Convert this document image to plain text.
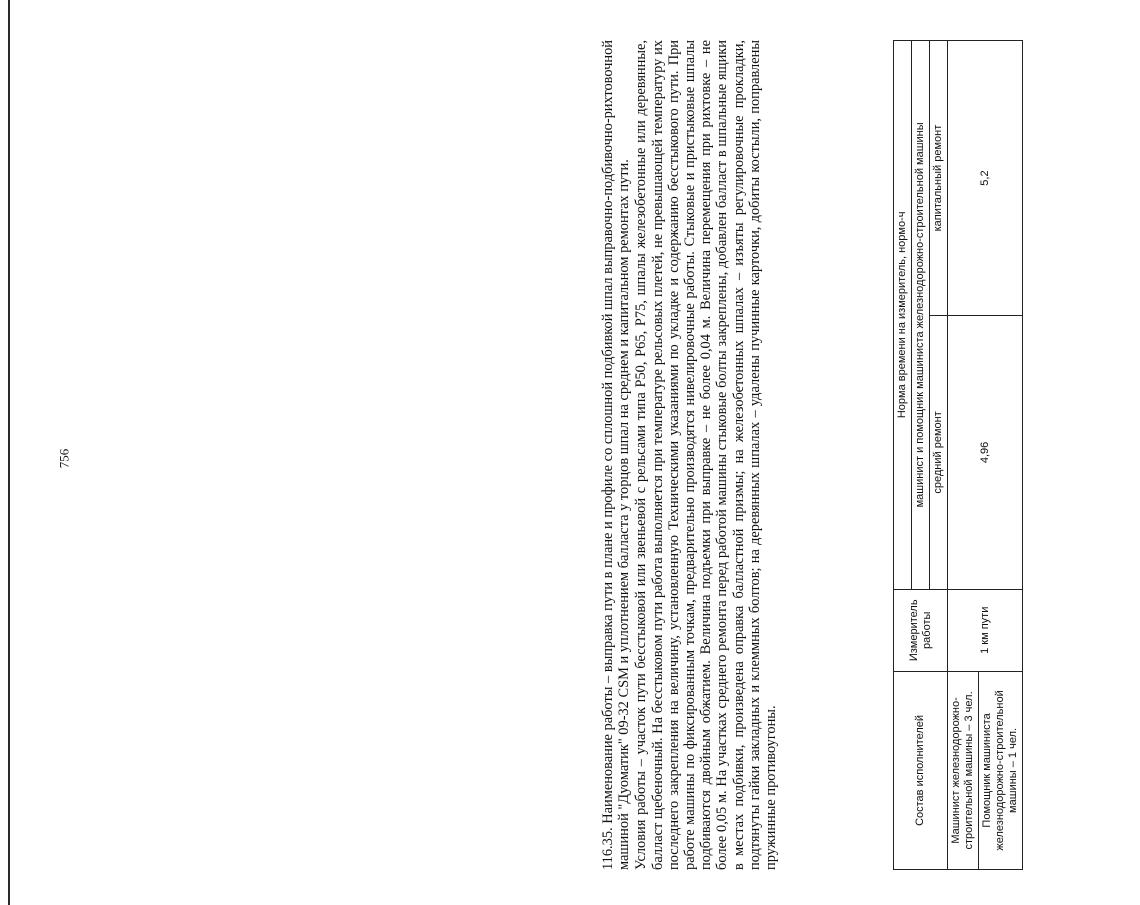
756	116.35. Наименование работы – выправка пути в плане и профиле со сплошной подбивкой шпал выправочно-подбивочно-рихтовочной машиной "Дуоматик" 09-32 CSM и уплотнением балласта у торцов шпал на среднем и капитальном ремонтах пути. Условия работы – участок пути бесстыковой или звеньевой с рельсами типа Р50, Р65, Р75, шпалы железобетонные или деревянные, балласт щебеночный. На бесстыковом пути работа выполняется при температуре рельсовых плетей, не превышающей температуру их последнего закрепления на величину, установленную Техническими указаниями по укладке и содержанию бесстыкового пути. При работе машины по фиксированным точкам, предварительно производятся нивелировочные работы. Стыковые и пристыковые шпалы подбиваются двойным обжатием. Величина подъемки при выправке – не более 0,04 м. Величина перемещения при рихтовке – не более 0,05 м. На участках среднего ремонта перед работой машины стыковые болты закреплены, добавлен балласт в шпальные ящики в местах подбивки, произведена оправка балластной призмы; на железобетонных шпалах – изъяты регулировочные прокладки, подтянуты гайки закладных и клеммных болтов; на деревянных шпалах – удалены пучинные карточки, добиты костыли, поправлены пружинные противоугоны.	Состав исполнителей	Измеритель работы	Норма времени на измеритель, нормо-ч	
		машинист и помощник машиниста железнодорожно-строительной машины	
		средний ремонт	капитальный ремонт

Машинист железнодорожно-строительной машины – 3 чел. Помощник машиниста железнодорожно-строительной машины – 1 чел.	1 км пути	4,96	5,2
